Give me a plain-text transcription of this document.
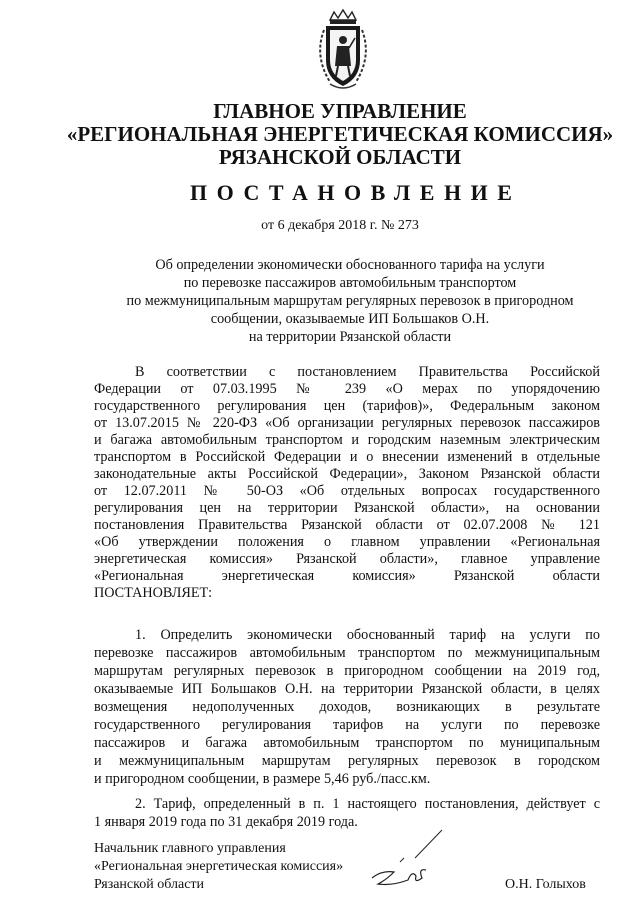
ГЛАВНОЕ УПРАВЛЕНИЕ
«РЕГИОНАЛЬНАЯ ЭНЕРГЕТИЧЕСКАЯ КОМИССИЯ»
РЯЗАНСКОЙ ОБЛАСТИ
ПОСТАНОВЛЕНИЕ
от 6 декабря 2018 г. № 273
Об определении экономически обоснованного тарифа на услуги
по перевозке пассажиров автомобильным транспортом
по межмуниципальным маршрутам регулярных перевозок в пригородном
сообщении, оказываемые ИП Большаков О.Н.
на территории Рязанской области
В соответствии с постановлением Правительства Российской
Федерации от 07.03.1995 № 239 «О мерах по упорядочению
государственного регулирования цен (тарифов)», Федеральным законом
от 13.07.2015 № 220-ФЗ «Об организации регулярных перевозок пассажиров
и багажа автомобильным транспортом и городским наземным электрическим
транспортом в Российской Федерации и о внесении изменений в отдельные
законодательные акты Российской Федерации», Законом Рязанской области
от 12.07.2011 № 50-ОЗ «Об отдельных вопросах государственного
регулирования цен на территории Рязанской области», на основании
постановления Правительства Рязанской области от 02.07.2008 № 121
«Об утверждении положения о главном управлении «Региональная
энергетическая комиссия» Рязанской области», главное управление
«Региональная энергетическая комиссия» Рязанской области
ПОСТАНОВЛЯЕТ:
1. Определить экономически обоснованный тариф на услуги по
перевозке пассажиров автомобильным транспортом по межмуниципальным
маршрутам регулярных перевозок в пригородном сообщении на 2019 год,
оказываемые ИП Большаков О.Н. на территории Рязанской области, в целях
возмещения недополученных доходов, возникающих в результате
государственного регулирования тарифов на услуги по перевозке
пассажиров и багажа автомобильным транспортом по муниципальным
и межмуниципальным маршрутам регулярных перевозок в городском
и пригородном сообщении, в размере 5,46 руб./пасс.км.
2. Тариф, определенный в п. 1 настоящего постановления, действует с
1 января 2019 года по 31 декабря 2019 года.
Начальник главного управления
«Региональная энергетическая комиссия»
Рязанской области	О.Н. Голыхов
